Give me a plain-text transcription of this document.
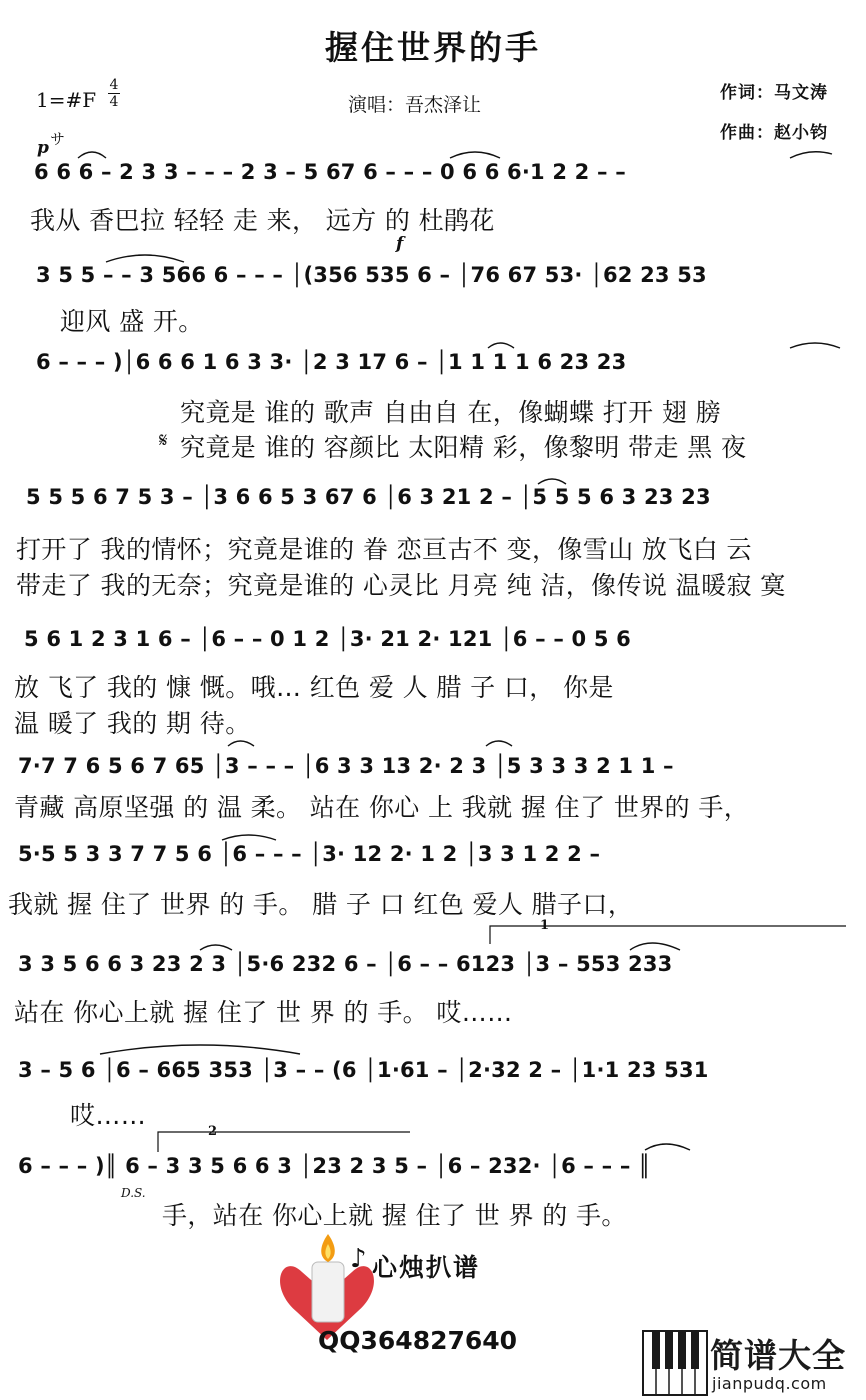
握住世界的手
1=#F
4
4	演唱：吾杰泽让
作词：马文涛
作曲：赵小钧
p サ
f
𝄋
D.S.
1
2
6 6 6 – 2 3 3 – – – 2 3 – 5 67 6 – – – 0 6 6 6·1 2 2 – –
我从 香巴拉 轻轻 走 来， 远方 的 杜鹃花
3 5 5 – – 3 566 6 – – – │(356 535 6 – │76 67 53· │62 23 53
迎风 盛 开。
6 – – – )│6 6 6 1 6 3 3· │2 3 17 6 – │1 1 1 1 6 23 23
究竟是 谁的 歌声 自由自 在，像蝴蝶 打开 翅 膀
究竟是 谁的 容颜比 太阳精 彩，像黎明 带走 黑 夜
5 5 5 6 7 5 3 – │3 6 6 5 3 67 6 │6 3 21 2 – │5 5 5 6 3 23 23
打开了 我的情怀；究竟是谁的 眷 恋亘古不 变，像雪山 放飞白 云
带走了 我的无奈；究竟是谁的 心灵比 月亮 纯 洁，像传说 温暖寂 寞
5 6 1 2 3 1 6 – │6 – – 0 1 2 │3· 21 2· 121 │6 – – 0 5 6
放 飞了 我的 慷 慨。哦… 红色 爱 人 腊 子 口， 你是
温 暖了 我的 期 待。
7·7 7 6 5 6 7 65 │3 – – – │6 3 3 13 2· 2 3 │5 3 3 3 2 1 1 –
青藏 高原坚强 的 温 柔。 站在 你心 上 我就 握 住了 世界的 手，
5·5 5 3 3 7 7 5 6 │6 – – – │3· 12 2· 1 2 │3 3 1 2 2 –
我就 握 住了 世界 的 手。 腊 子 口 红色 爱人 腊子口，
3 3 5 6 6 3 23 2 3 │5·6 232 6 – │6 – – 6123 │3 – 553 233
站在 你心上就 握 住了 世 界 的 手。 哎……
3 – 5 6 │6 – 665 353 │3 – – (6 │1·61 – │2·32 2 – │1·1 23 531
哎……
6 – – – )║ 6 – 3 3 5 6 6 3 │23 2 3 5 – │6 – 232· │6 – – – ║
手，站在 你心上就 握 住了 世 界 的 手。
♪ 心烛扒谱
QQ364827640	简谱大全
jianpudq.com
